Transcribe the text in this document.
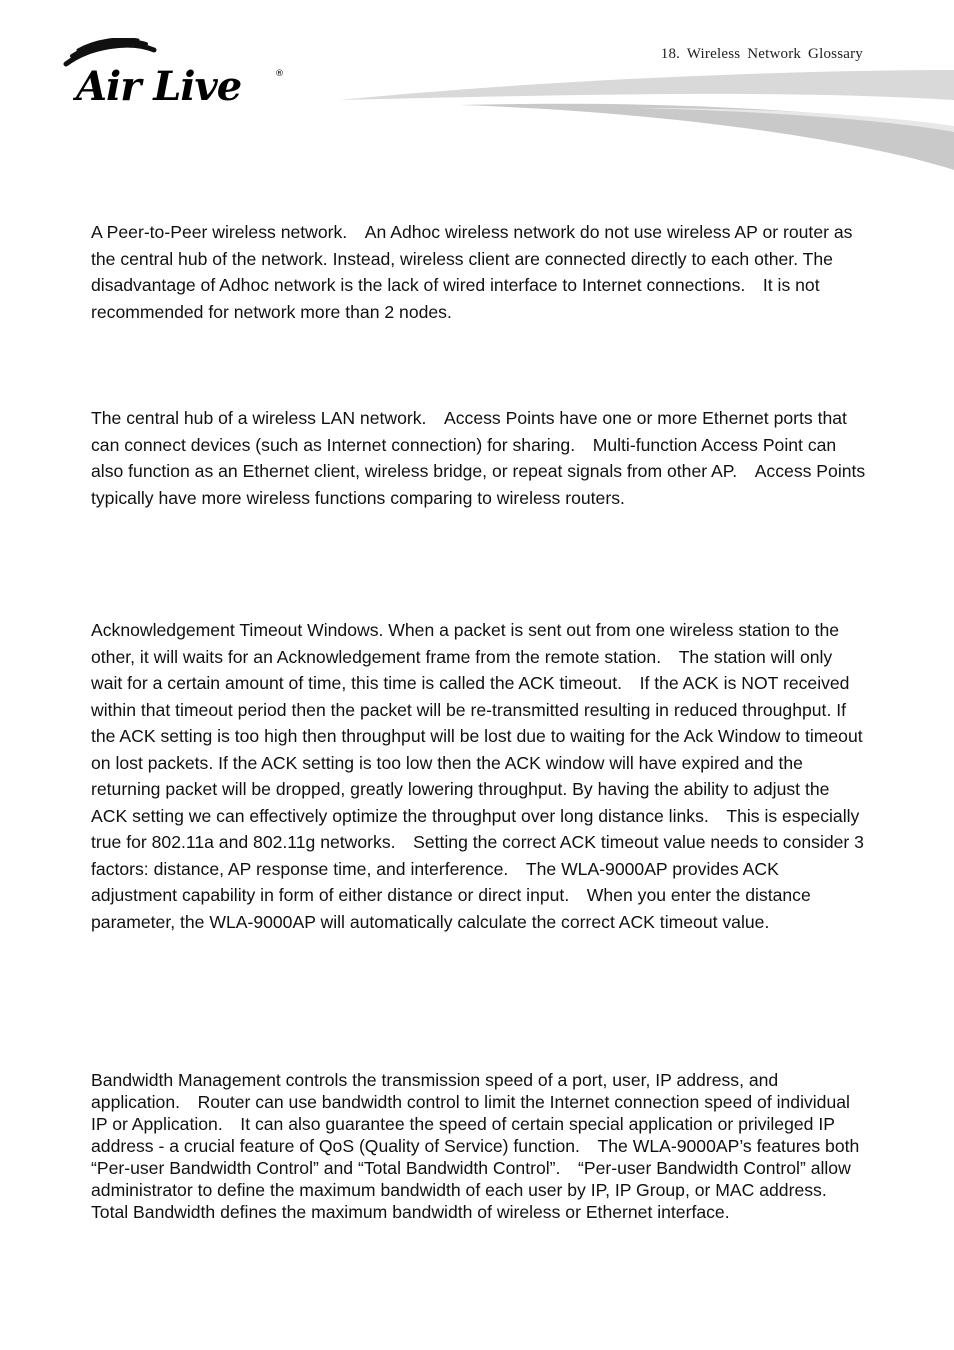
Air Live	®
18. Wireless Network Glossary

A Peer-to-Peer wireless network.　An Adhoc wireless network do not use wireless AP or router as the central hub of the network. Instead, wireless client are connected directly to each other. The disadvantage of Adhoc network is the lack of wired interface to Internet connections.　It is not recommended for network more than 2 nodes.

The central hub of a wireless LAN network.　Access Points have one or more Ethernet ports that can connect devices (such as Internet connection) for sharing.　Multi-function Access Point can also function as an Ethernet client, wireless bridge, or repeat signals from other AP.　Access Points typically have more wireless functions comparing to wireless routers.

Acknowledgement Timeout Windows. When a packet is sent out from one wireless station to the other, it will waits for an Acknowledgement frame from the remote station.　The station will only wait for a certain amount of time, this time is called the ACK timeout.　If the ACK is NOT received within that timeout period then the packet will be re-transmitted resulting in reduced throughput. If the ACK setting is too high then throughput will be lost due to waiting for the Ack Window to timeout on lost packets. If the ACK setting is too low then the ACK window will have expired and the returning packet will be dropped, greatly lowering throughput. By having the ability to adjust the ACK setting we can effectively optimize the throughput over long distance links.　This is especially true for 802.11a and 802.11g networks.　Setting the correct ACK timeout value needs to consider 3 factors: distance, AP response time, and interference.　The WLA-9000AP provides ACK adjustment capability in form of either distance or direct input.　When you enter the distance parameter, the WLA-9000AP will automatically calculate the correct ACK timeout value.

Bandwidth Management controls the transmission speed of a port, user, IP address, and application.　Router can use bandwidth control to limit the Internet connection speed of individual IP or Application.　It can also guarantee the speed of certain special application or privileged IP address - a crucial feature of QoS (Quality of Service) function.　The WLA-9000AP’s features both “Per-user Bandwidth Control” and “Total Bandwidth Control”.　“Per-user Bandwidth Control” allow administrator to define the maximum bandwidth of each user by IP, IP Group, or MAC address.　Total Bandwidth defines the maximum bandwidth of wireless or Ethernet interface.
